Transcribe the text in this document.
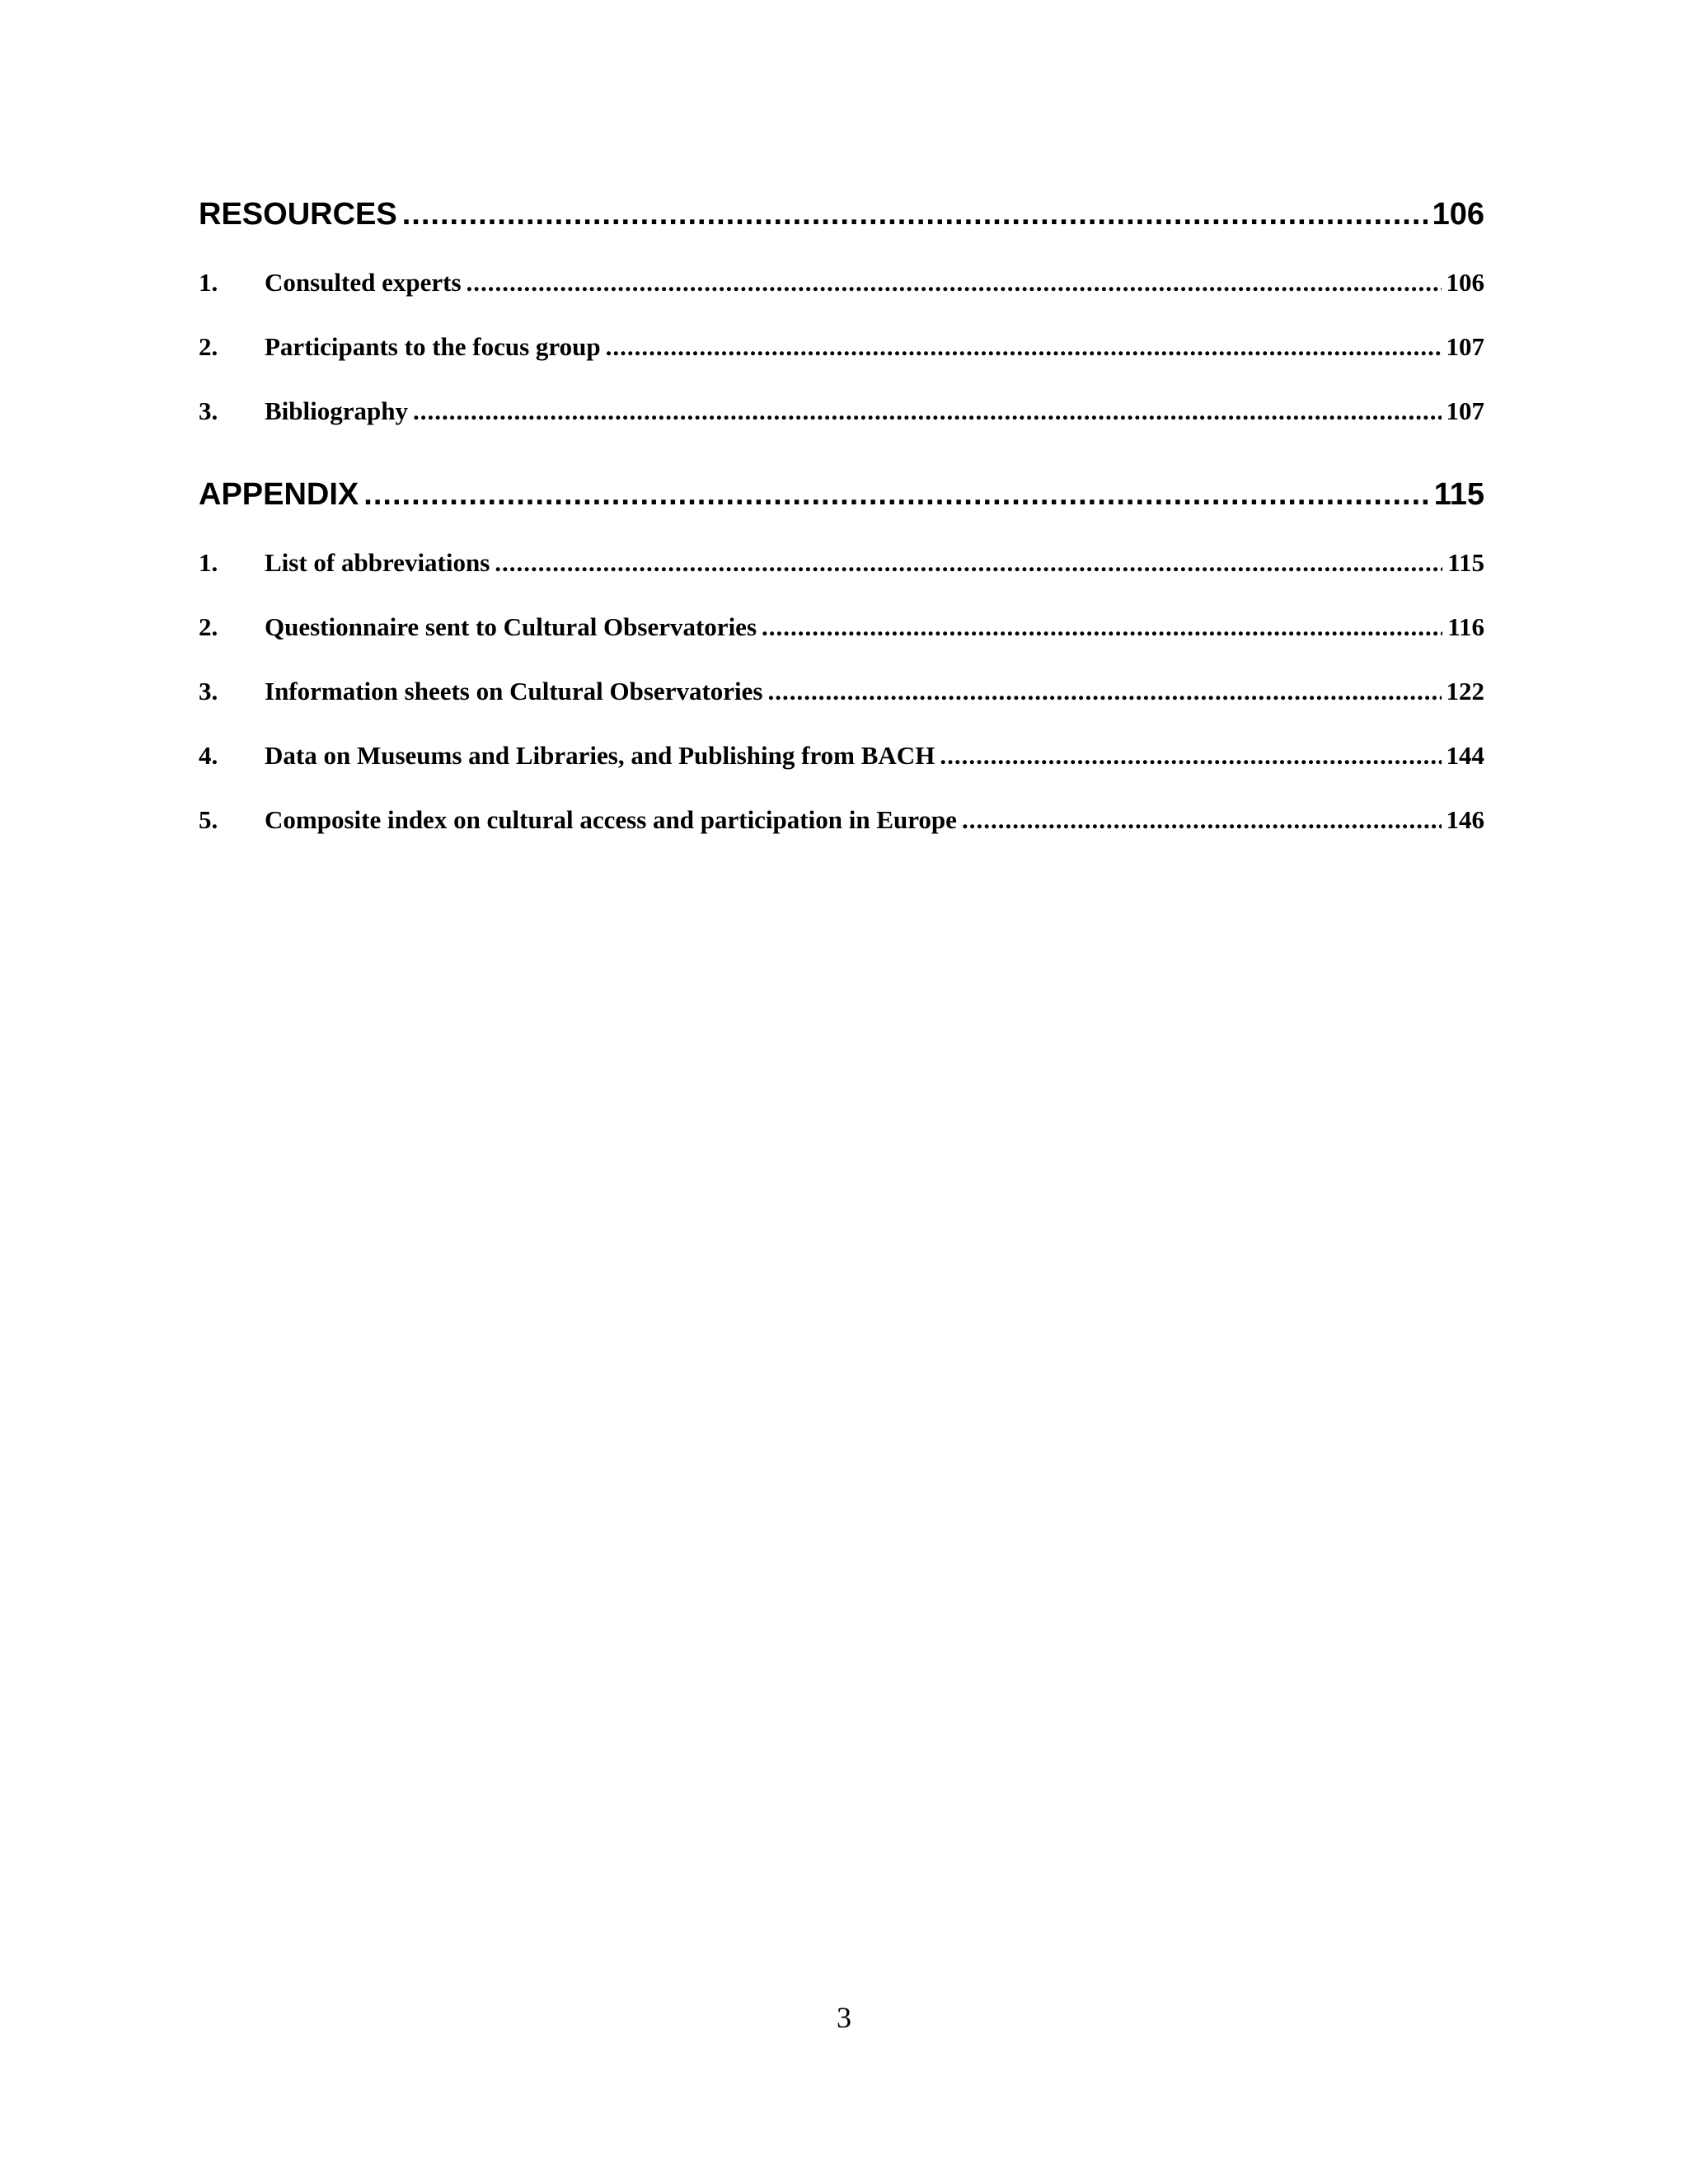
RESOURCES .....	106
1.	Consulted experts .....	106
2.	Participants to the focus group .....	107
3.	Bibliography .....	107
APPENDIX .....	115
1.	List of abbreviations .....	115
2.	Questionnaire sent to Cultural Observatories .....	116
3.	Information sheets on Cultural Observatories .....	122
4.	Data on Museums and Libraries, and Publishing from BACH .....	144
5.	Composite index on cultural access and participation in Europe .....	146
3
